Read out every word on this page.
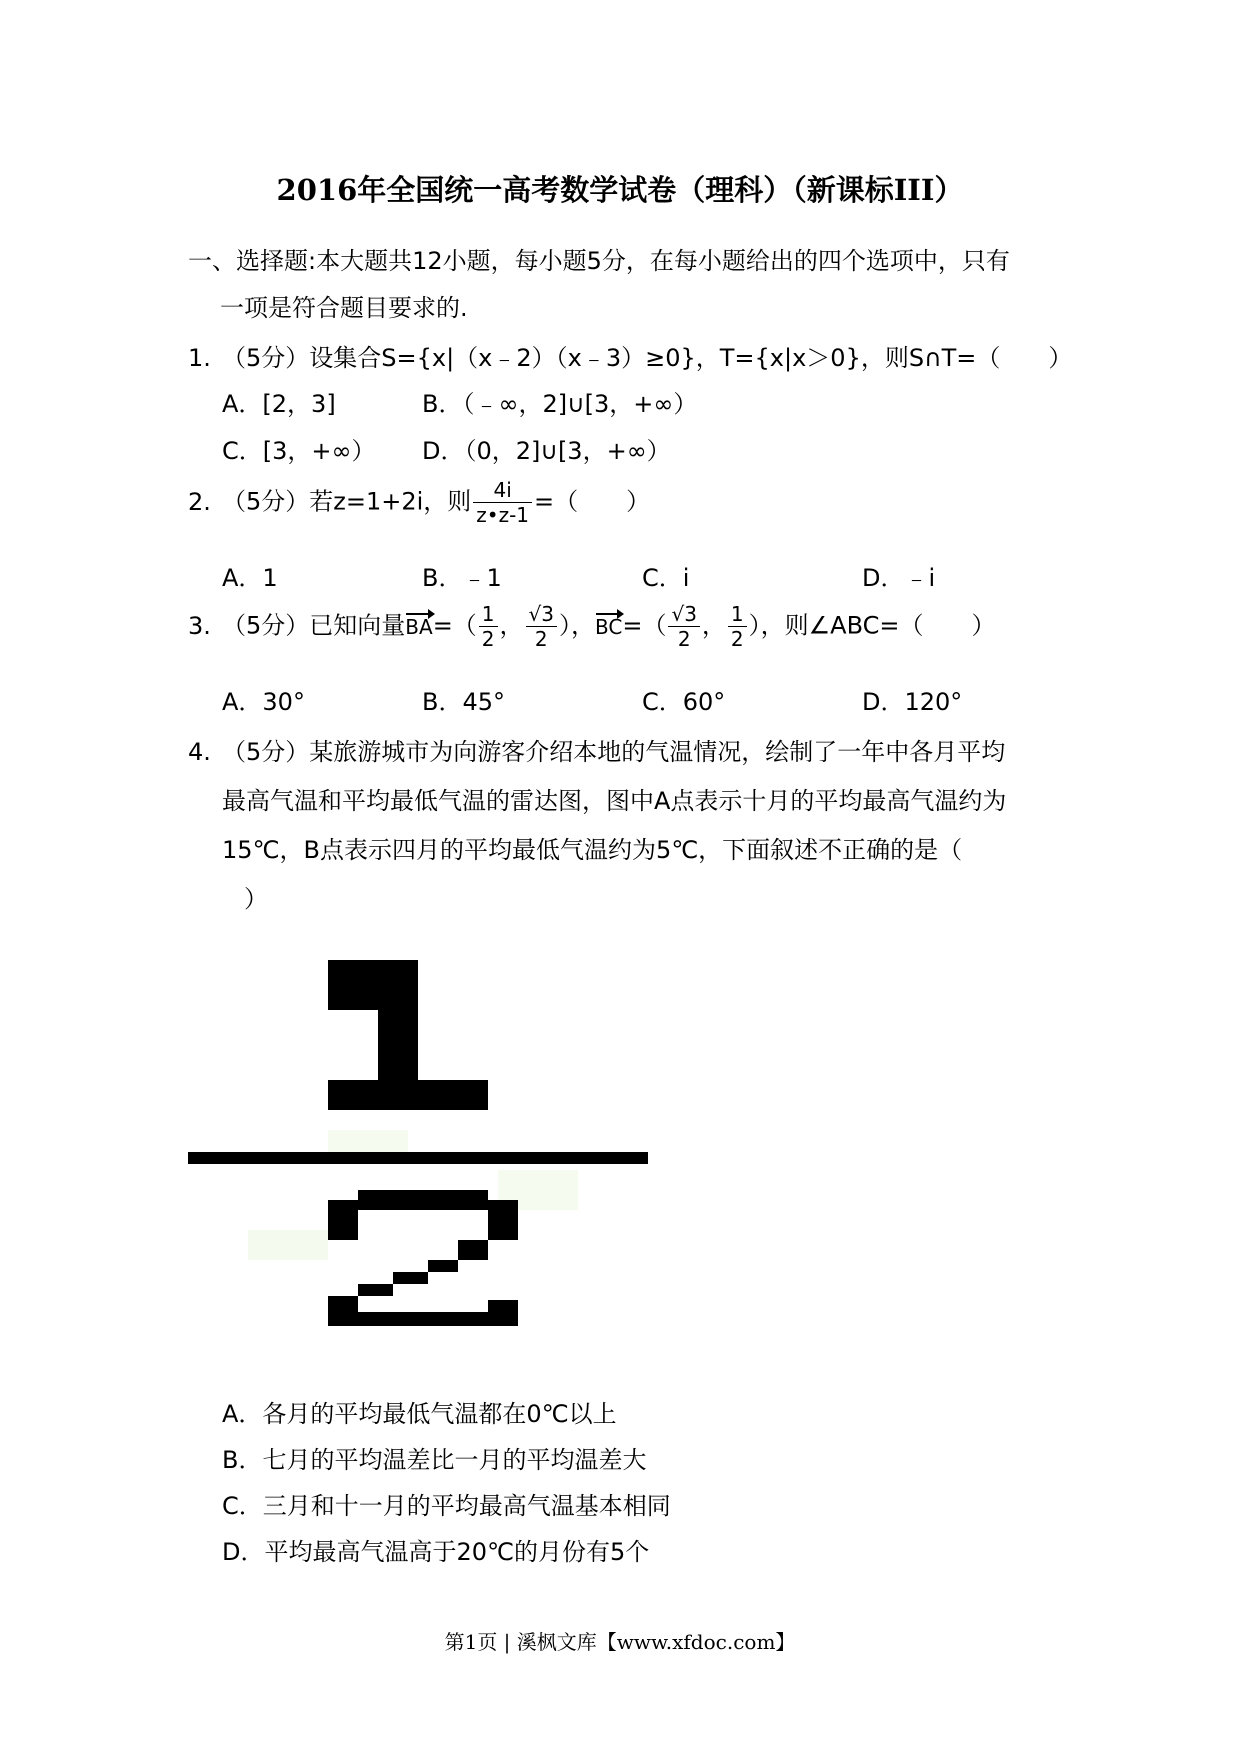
2016年全国统一高考数学试卷（理科）（新课标III）
一、选择题:本大题共12小题，每小题5分，在每小题给出的四个选项中，只有
一项是符合题目要求的.
1. （5分）设集合S={x|（x﹣2）（x﹣3）≥0}，T={x|x＞0}，则S∩T=（　　）
A．[2，3]	B．（﹣∞，2]∪[3，+∞）
C．[3，+∞） D．（0，2]∪[3，+∞）
2. （5分）若z=1+2i，则 $\frac{4i}{z•z-1}$ =（　　）
A．1	B．﹣1	C．i	D．﹣i
3. （5分）已知向量$BA=( \frac{1}{2}$ ， $\frac{√3}{2}$ ），$BC=( \frac{√3}{2}$ ， $\frac{1}{2}$ ），则∠ABC=（　　）
A．30°	B．45°	C．60°	D．120°
4. （5分）某旅游城市为向游客介绍本地的气温情况，绘制了一年中各月平均
最高气温和平均最低气温的雷达图，图中A点表示十月的平均最高气温约为
15℃，B点表示四月的平均最低气温约为5℃，下面叙述不正确的是（
）
A．各月的平均最低气温都在0℃以上
B．七月的平均温差比一月的平均温差大
C．三月和十一月的平均最高气温基本相同
D．平均最高气温高于20℃的月份有5个
第1页 | 溪枫文库【www.xfdoc.com】
